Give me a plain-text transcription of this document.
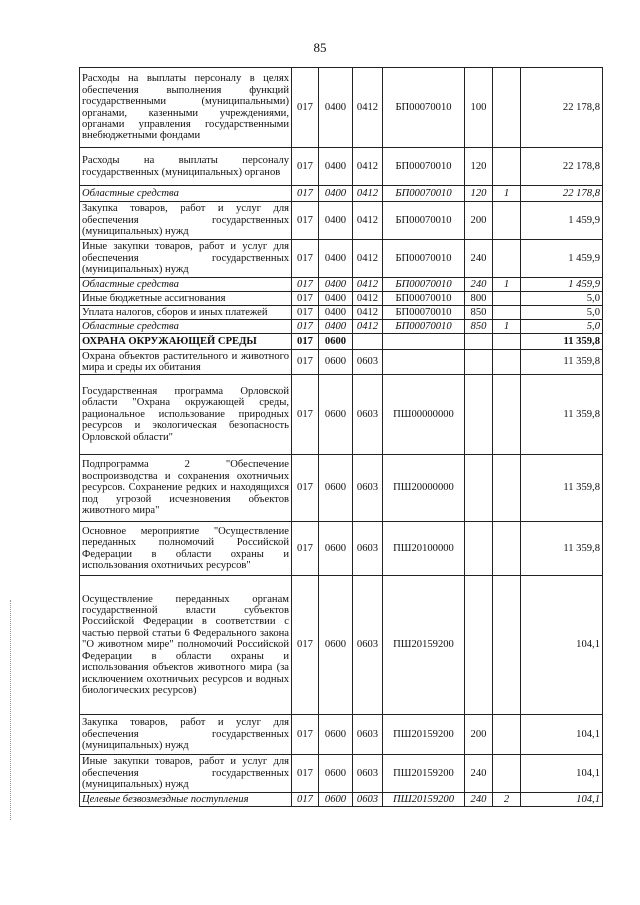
85
Расходы на выплаты персоналу в целях обеспечения выполнения функций государственными (муниципальными) органами, казенными учреждениями, органами управления государственными внебюджетными фондами	017	0400	0412	БП00070010	100		22 178,8
Расходы на выплаты персоналу государственных (муниципальных) органов	017	0400	0412	БП00070010	120		22 178,8
Областные средства	017	0400	0412	БП00070010	120	1	22 178,8
Закупка товаров, работ и услуг для обеспечения государственных (муниципальных) нужд	017	0400	0412	БП00070010	200		1 459,9
Иные закупки товаров, работ и услуг для обеспечения государственных (муниципальных) нужд	017	0400	0412	БП00070010	240		1 459,9
Областные средства	017	0400	0412	БП00070010	240	1	1 459,9
Иные бюджетные ассигнования	017	0400	0412	БП00070010	800		5,0
Уплата налогов, сборов и иных платежей	017	0400	0412	БП00070010	850		5,0
Областные средства	017	0400	0412	БП00070010	850	1	5,0
ОХРАНА ОКРУЖАЮЩЕЙ СРЕДЫ	017	0600					11 359,8
Охрана объектов растительного и животного мира и среды их обитания	017	0600	0603				11 359,8
Государственная программа Орловской области "Охрана окружающей среды, рациональное использование природных ресурсов и экологическая безопасность Орловской области"	017	0600	0603	ПШ00000000			11 359,8
Подпрограмма 2 "Обеспечение воспроизводства и сохранения охотничьих ресурсов. Сохранение редких и находящихся под угрозой исчезновения объектов животного мира"	017	0600	0603	ПШ20000000			11 359,8
Основное мероприятие "Осуществление переданных полномочий Российской Федерации в области охраны и использования охотничьих ресурсов"	017	0600	0603	ПШ20100000			11 359,8
Осуществление переданных органам государственной власти субъектов Российской Федерации в соответствии с частью первой статьи 6 Федерального закона "О животном мире" полномочий Российской Федерации в области охраны и использования объектов животного мира (за исключением охотничьих ресурсов и водных биологических ресурсов)	017	0600	0603	ПШ20159200			104,1
Закупка товаров, работ и услуг для обеспечения государственных (муниципальных) нужд	017	0600	0603	ПШ20159200	200		104,1
Иные закупки товаров, работ и услуг для обеспечения государственных (муниципальных) нужд	017	0600	0603	ПШ20159200	240		104,1
Целевые безвозмездные поступления	017	0600	0603	ПШ20159200	240	2	104,1
